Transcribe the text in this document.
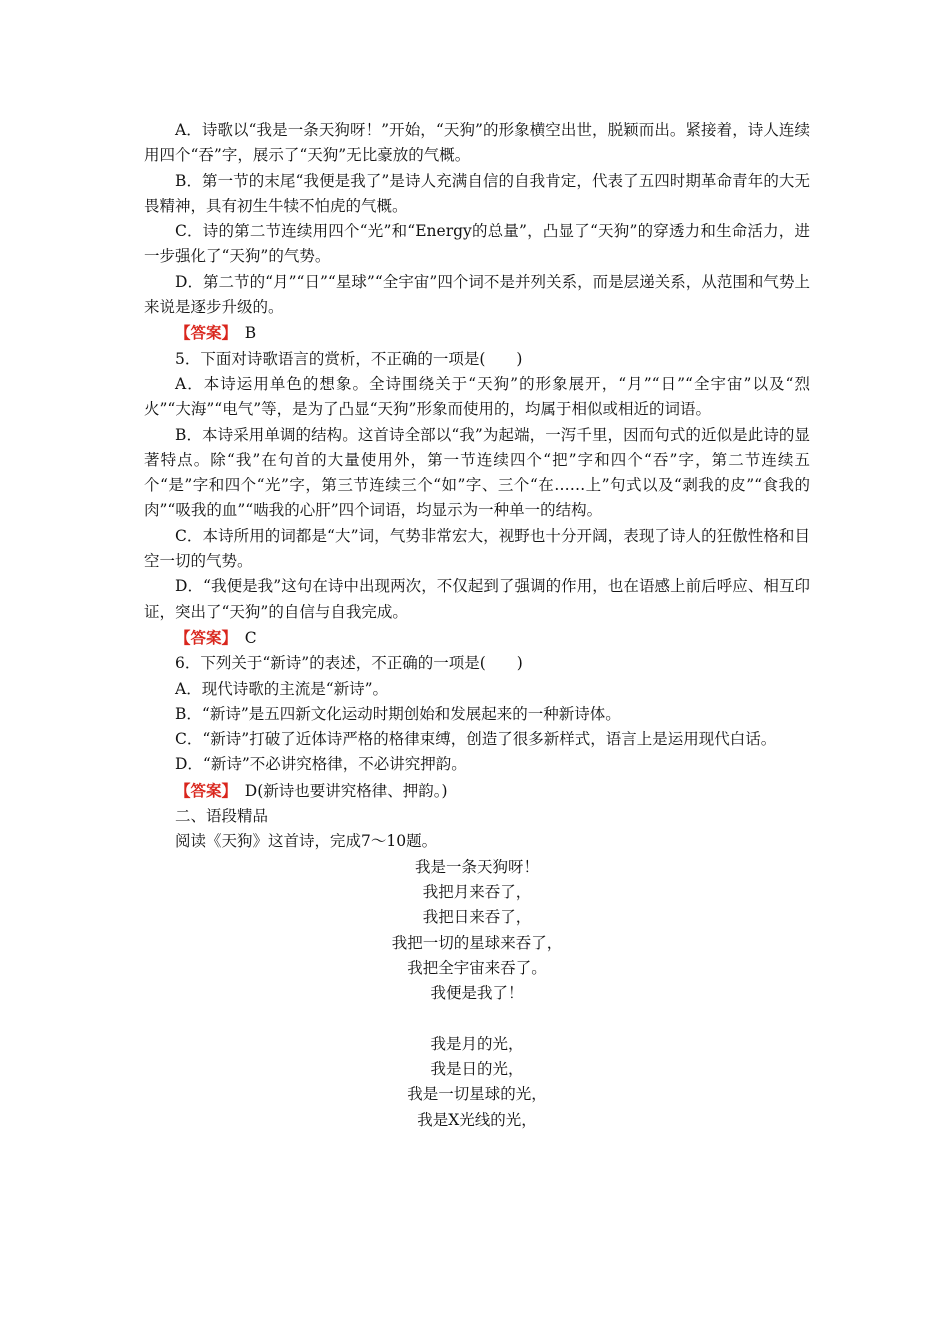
A．诗歌以“我是一条天狗呀！”开始，“天狗”的形象横空出世，脱颖而出。紧接着，诗人连续用四个“吞”字，展示了“天狗”无比豪放的气概。

B．第一节的末尾“我便是我了”是诗人充满自信的自我肯定，代表了五四时期革命青年的大无畏精神，具有初生牛犊不怕虎的气概。

C．诗的第二节连续用四个“光”和“Energy的总量”，凸显了“天狗”的穿透力和生命活力，进一步强化了“天狗”的气势。

D．第二节的“月”“日”“星球”“全宇宙”四个词不是并列关系，而是层递关系，从范围和气势上来说是逐步升级的。

【答案】　 B

5．下面对诗歌语言的赏析，不正确的一项是(　　)

A．本诗运用单色的想象。全诗围绕关于“天狗”的形象展开，“月”“日”“全宇宙”以及“烈火”“大海”“电气”等，是为了凸显“天狗”形象而使用的，均属于相似或相近的词语。

B．本诗采用单调的结构。这首诗全部以“我”为起端，一泻千里，因而句式的近似是此诗的显著特点。除“我”在句首的大量使用外，第一节连续四个“把”字和四个“吞”字，第二节连续五个“是”字和四个“光”字，第三节连续三个“如”字、三个“在……上”句式以及“剥我的皮”“食我的肉”“吸我的血”“啮我的心肝”四个词语，均显示为一种单一的结构。

C．本诗所用的词都是“大”词，气势非常宏大，视野也十分开阔，表现了诗人的狂傲性格和目空一切的气势。

D．“我便是我”这句在诗中出现两次，不仅起到了强调的作用，也在语感上前后呼应、相互印证，突出了“天狗”的自信与自我完成。

【答案】　 C

6．下列关于“新诗”的表述，不正确的一项是(　　)

A．现代诗歌的主流是“新诗”。

B．“新诗”是五四新文化运动时期创始和发展起来的一种新诗体。

C．“新诗”打破了近体诗严格的格律束缚，创造了很多新样式，语言上是运用现代白话。

D．“新诗”不必讲究格律，不必讲究押韵。

【答案】　 D(新诗也要讲究格律、押韵。)

二、语段精品

阅读《天狗》这首诗，完成7～10题。

我是一条天狗呀！

我把月来吞了，

我把日来吞了，

我把一切的星球来吞了，

我把全宇宙来吞了。

我便是我了！

我是月的光，

我是日的光，

我是一切星球的光，

我是X光线的光，
